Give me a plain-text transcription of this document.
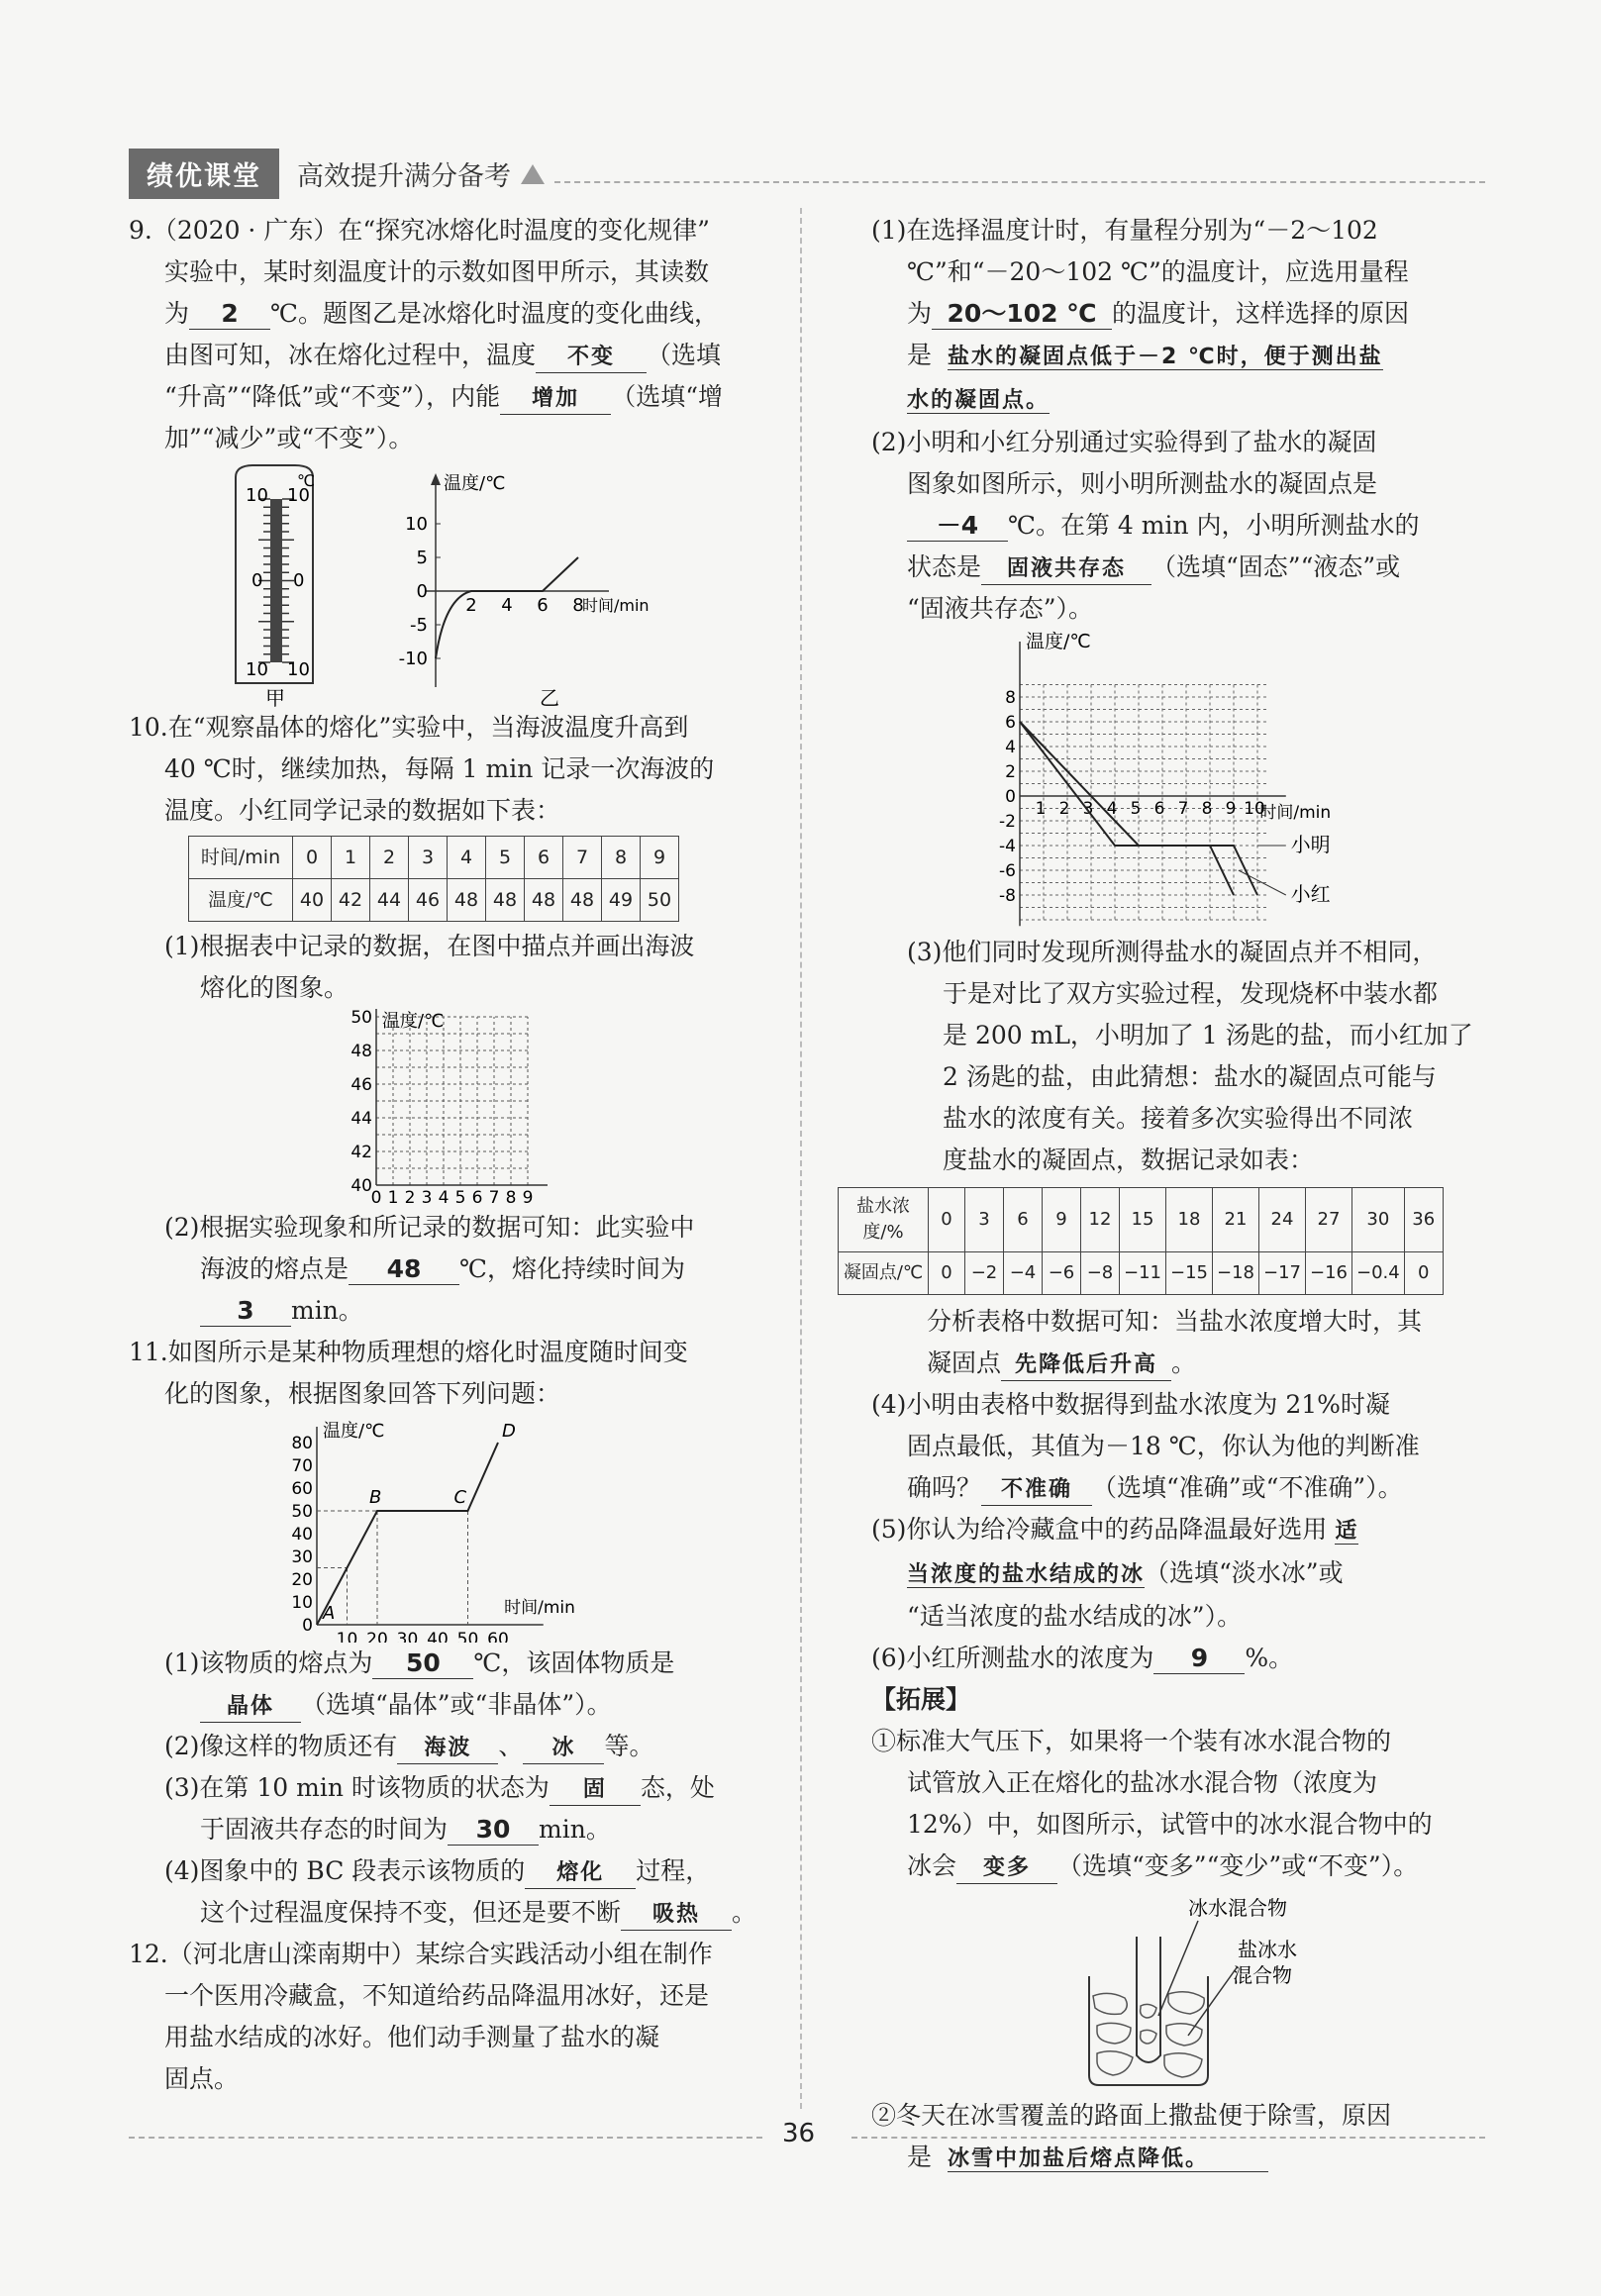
绩优课堂	高效提升满分备考

9.（2020 · 广东）在“探究冰熔化时温度的变化规律”

实验中，某时刻温度计的示数如图甲所示，其读数

为 2 ℃。题图乙是冰熔化时温度的变化曲线，

由图可知，冰在熔化过程中，温度 不变 （选填

“升高”“降低”或“不变”），内能 增加 （选填“增

加”“减少”或“不变”）。

10 10
0 0
10 10
℃
甲
温度/℃
时间/min
10
5
0
-5
-10
2 4 6 8
乙

10.在“观察晶体的熔化”实验中，当海波温度升高到

40 ℃时，继续加热，每隔 1 min 记录一次海波的

温度。小红同学记录的数据如下表：

时间/min	0	1	2	3	4	5	6	7	8	9
温度/℃	40	42	44	46	48	48	48	48	49	50

(1)根据表中记录的数据，在图中描点并画出海波

熔化的图象。

温度/℃
50
48
46
44
42
40
0 1 2 3 4 5 6 7 8 9

(2)根据实验现象和所记录的数据可知：此实验中

海波的熔点是 48 ℃，熔化持续时间为

3 min。

11.如图所示是某种物质理想的熔化时温度随时间变

化的图象，根据图象回答下列问题：

温度/℃
时间/min
80
70
60
50
40
30
20
10
0
10 20 30 40 50 60
A
B	C
D

(1)该物质的熔点为 50 ℃，该固体物质是

晶体 （选填“晶体”或“非晶体”）。

(2)像这样的物质还有 海波 、 冰 等。

(3)在第 10 min 时该物质的状态为 固 态，处

于固液共存态的时间为 30 min。

(4)图象中的 BC 段表示该物质的 熔化 过程，

这个过程温度保持不变，但还是要不断 吸热 。

12.（河北唐山滦南期中）某综合实践活动小组在制作

一个医用冷藏盒，不知道给药品降温用冰好，还是

用盐水结成的冰好。他们动手测量了盐水的凝

固点。

(1)在选择温度计时，有量程分别为“－2～102

℃”和“－20～102 ℃”的温度计，应选用量程

为 20～102 ℃ 的温度计，这样选择的原因

是 盐水的凝固点低于－2 ℃时，便于测出盐

水的凝固点。

(2)小明和小红分别通过实验得到了盐水的凝固

图象如图所示，则小明所测盐水的凝固点是

－4 ℃。在第 4 min 内，小明所测盐水的

状态是 固液共存态 （选填“固态”“液态”或

“固液共存态”）。

温度/℃
8
6
4
2
0
-2
-4
-6
-8
1 2 3 4 5 6 7 8 9 10
时间/min
小明
小红

(3)他们同时发现所测得盐水的凝固点并不相同，

于是对比了双方实验过程，发现烧杯中装水都

是 200 mL，小明加了 1 汤匙的盐，而小红加了

2 汤匙的盐，由此猜想：盐水的凝固点可能与

盐水的浓度有关。接着多次实验得出不同浓

度盐水的凝固点，数据记录如表：

盐水浓度/%	0	3	6	9	12	15	18	21	24	27	30	36
凝固点/℃	0	−2	−4	−6	−8	−11	−15	−18	−17	−16	−0.4	0

分析表格中数据可知：当盐水浓度增大时，其

凝固点 先降低后升高 。

(4)小明由表格中数据得到盐水浓度为 21%时凝

固点最低，其值为－18 ℃，你认为他的判断准

确吗？ 不准确 （选填“准确”或“不准确”）。

(5)你认为给冷藏盒中的药品降温最好选用 适

当浓度的盐水结成的冰（选填“淡水冰”或

“适当浓度的盐水结成的冰”）。

(6)小红所测盐水的浓度为 9 %。

【拓展】

①标准大气压下，如果将一个装有冰水混合物的

试管放入正在熔化的盐冰水混合物（浓度为

12%）中，如图所示，试管中的冰水混合物中的

冰会 变多 （选填“变多”“变少”或“不变”）。

冰水混合物
盐冰水
混合物

②冬天在冰雪覆盖的路面上撒盐便于除雪，原因

是 冰雪中加盐后熔点降低。

36
